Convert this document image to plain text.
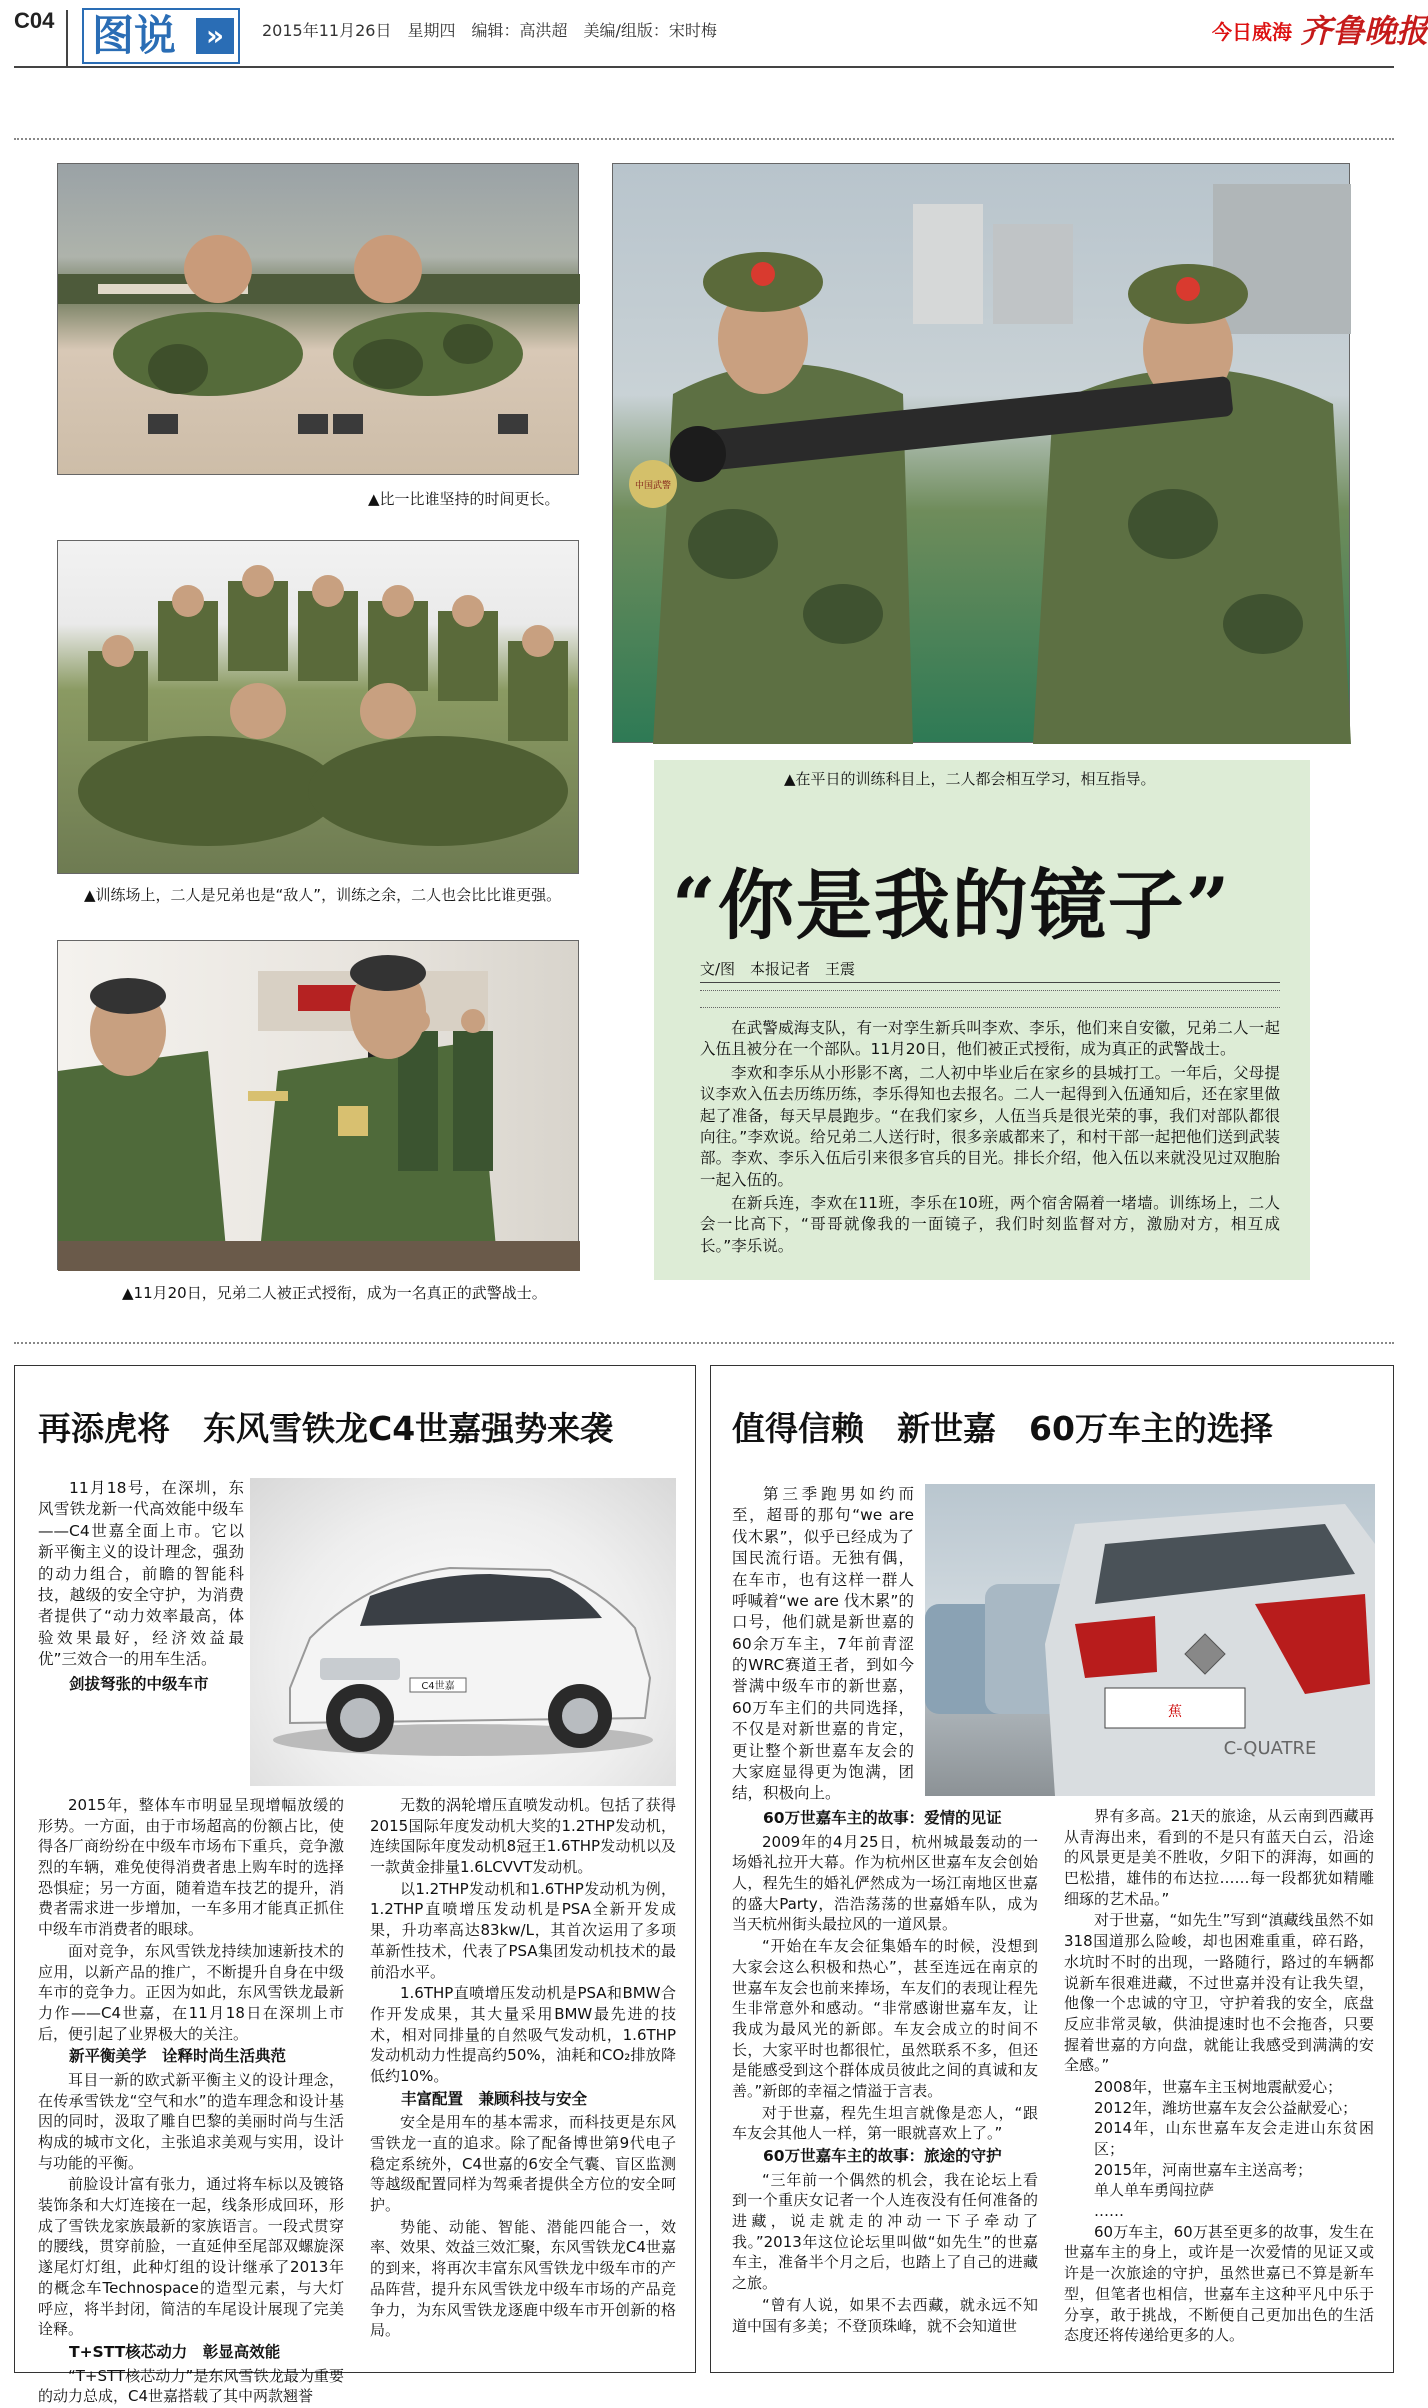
C04 图说	»	2015年11月26日　星期四　编辑：高洪超　美编/组版：宋时梅	今日威海 齐鲁晚报
▲比一比谁坚持的时间更长。
中国武警
▲训练场上，二人是兄弟也是“敌人”，训练之余，二人也会比比谁更强。
▲11月20日，兄弟二人被正式授衔，成为一名真正的武警战士。
▲在平日的训练科目上，二人都会相互学习，相互指导。
“你是我的镜子”
文/图　本报记者　王震

在武警威海支队，有一对孪生新兵叫李欢、李乐，他们来自安徽，兄弟二人一起入伍且被分在一个部队。11月20日，他们被正式授衔，成为真正的武警战士。

李欢和李乐从小形影不离，二人初中毕业后在家乡的县城打工。一年后，父母提议李欢入伍去历练历练，李乐得知也去报名。二人一起得到入伍通知后，还在家里做起了准备，每天早晨跑步。“在我们家乡，人伍当兵是很光荣的事，我们对部队都很向往。”李欢说。给兄弟二人送行时，很多亲戚都来了，和村干部一起把他们送到武装部。李欢、李乐入伍后引来很多官兵的目光。排长介绍，他入伍以来就没见过双胞胎一起入伍的。

在新兵连，李欢在11班，李乐在10班，两个宿舍隔着一堵墙。训练场上，二人会一比高下，“哥哥就像我的一面镜子，我们时刻监督对方，激励对方，相互成长。”李乐说。

再添虎将　东风雪铁龙C4世嘉强势来袭
C4世嘉

11月18号，在深圳，东风雪铁龙新一代高效能中级车——C4世嘉全面上市。它以新平衡主义的设计理念，强劲的动力组合，前瞻的智能科技，越级的安全守护，为消费者提供了“动力效率最高，体验效果最好，经济效益最优”三效合一的用车生活。

2015年，整体车市明显呈现增幅放缓的形势。一方面，由于市场超高的份额占比，使得各厂商纷纷在中级车市场布下重兵，竞争激烈的车辆，难免使得消费者患上购车时的选择恐惧症；另一方面，随着造车技艺的提升，消费者需求进一步增加，一车多用才能真正抓住中级车市消费者的眼球。

面对竞争，东风雪铁龙持续加速新技术的应用，以新产品的推广，不断提升自身在中级车市的竞争力。正因为如此，东风雪铁龙最新力作——C4世嘉，在11月18日在深圳上市后，便引起了业界极大的关注。

新平衡美学　诠释时尚生活典范

耳目一新的欧式新平衡主义的设计理念，在传承雪铁龙“空气和水”的造车理念和设计基因的同时，汲取了雕自巴黎的美丽时尚与生活构成的城市文化，主张追求美观与实用，设计与功能的平衡。

前脸设计富有张力，通过将车标以及镀铬装饰条和大灯连接在一起，线条形成回环，形成了雪铁龙家族最新的家族语言。一段式贯穿的腰线，贯穿前脸，一直延伸至尾部双螺旋深遂尾灯灯组，此种灯组的设计继承了2013年的概念车Technospace的造型元素，与大灯呼应，将半封闭，简洁的车尾设计展现了完美诠释。

T+STT核芯动力　彰显高效能

“T+STT核芯动力”是东风雪铁龙最为重要的动力总成，C4世嘉搭载了其中两款翘誉

剑拔弩张的中级车市

无数的涡轮增压直喷发动机。包括了获得2015国际年度发动机大奖的1.2THP发动机，连续国际年度发动机8冠王1.6THP发动机以及一款黄金排量1.6LCVVT发动机。

以1.2THP发动机和1.6THP发动机为例，1.2THP直喷增压发动机是PSA全新开发成果，升功率高达83kw/L，其首次运用了多项革新性技术，代表了PSA集团发动机技术的最前沿水平。

1.6THP直喷增压发动机是PSA和BMW合作开发成果，其大量采用BMW最先进的技术，相对同排量的自然吸气发动机，1.6THP发动机动力性提高约50%，油耗和CO₂排放降低约10%。

丰富配置　兼顾科技与安全

安全是用车的基本需求，而科技更是东风雪铁龙一直的追求。除了配备博世第9代电子稳定系统外，C4世嘉的6安全气囊、盲区监测等越级配置同样为驾乘者提供全方位的安全呵护。

势能、动能、智能、潜能四能合一，效率、效果、效益三效汇聚，东风雪铁龙C4世嘉的到来，将再次丰富东风雪铁龙中级车市的产品阵营，提升东风雪铁龙中级车市场的产品竞争力，为东风雪铁龙逐鹿中级车市开创新的格局。

值得信赖　新世嘉　60万车主的选择
蕉
C-QUATRE

第三季跑男如约而至，超哥的那句“we are伐木累”，似乎已经成为了国民流行语。无独有偶，在车市，也有这样一群人呼喊着“we are 伐木累”的口号，他们就是新世嘉的60余万车主，7年前青涩的WRC赛道王者，到如今誉满中级车市的新世嘉，60万车主们的共同选择，不仅是对新世嘉的肯定，更让整个新世嘉车友会的大家庭显得更为饱满，团结，积极向上。

60万世嘉车主的故事：爱情的见证

2009年的4月25日，杭州城最轰动的一场婚礼拉开大幕。作为杭州区世嘉车友会创始人，程先生的婚礼俨然成为一场江南地区世嘉的盛大Party，浩浩荡荡的世嘉婚车队，成为当天杭州街头最拉风的一道风景。

“开始在车友会征集婚车的时候，没想到大家会这么积极和热心”，甚至连远在南京的世嘉车友会也前来捧场，车友们的表现让程先生非常意外和感动。“非常感谢世嘉车友，让我成为最风光的新郎。车友会成立的时间不长，大家平时也都很忙，虽然联系不多，但还是能感受到这个群体成员彼此之间的真诚和友善。”新郎的幸福之情溢于言表。

对于世嘉，程先生坦言就像是恋人，“跟车友会其他人一样，第一眼就喜欢上了。”

60万世嘉车主的故事：旅途的守护

“三年前一个偶然的机会，我在论坛上看到一个重庆女记者一个人连夜没有任何准备的进藏，说走就走的冲动一下子牵动了我。”2013年这位论坛里叫做“如先生”的世嘉车主，准备半个月之后，也踏上了自己的进藏之旅。

“曾有人说，如果不去西藏，就永远不知道中国有多美；不登顶珠峰，就不会知道世

界有多高。21天的旅途，从云南到西藏再从青海出来，看到的不是只有蓝天白云，沿途的风景更是美不胜收，夕阳下的湃海，如画的巴松措，雄伟的布达拉……每一段都犹如精雕细琢的艺术品。”

对于世嘉，“如先生”写到“滇藏线虽然不如318国道那么险峻，却也困难重重，碎石路，水坑时不时的出现，一路随行，路过的车辆都说新车很难进藏，不过世嘉并没有让我失望，他像一个忠诚的守卫，守护着我的安全，底盘反应非常灵敏，供油提速时也不会拖沓，只要握着世嘉的方向盘，就能让我感受到满满的安全感。”

2008年，世嘉车主玉树地震献爱心；
2012年，潍坊世嘉车友会公益献爱心；
2014年，山东世嘉车友会走进山东贫困区；
2015年，河南世嘉车主送高考；
单人单车勇闯拉萨
……

60万车主，60万甚至更多的故事，发生在世嘉车主的身上，或许是一次爱情的见证又或许是一次旅途的守护，虽然世嘉已不算是新车型，但笔者也相信，世嘉车主这种平凡中乐于分享，敢于挑战，不断便自己更加出色的生活态度还将传递给更多的人。
